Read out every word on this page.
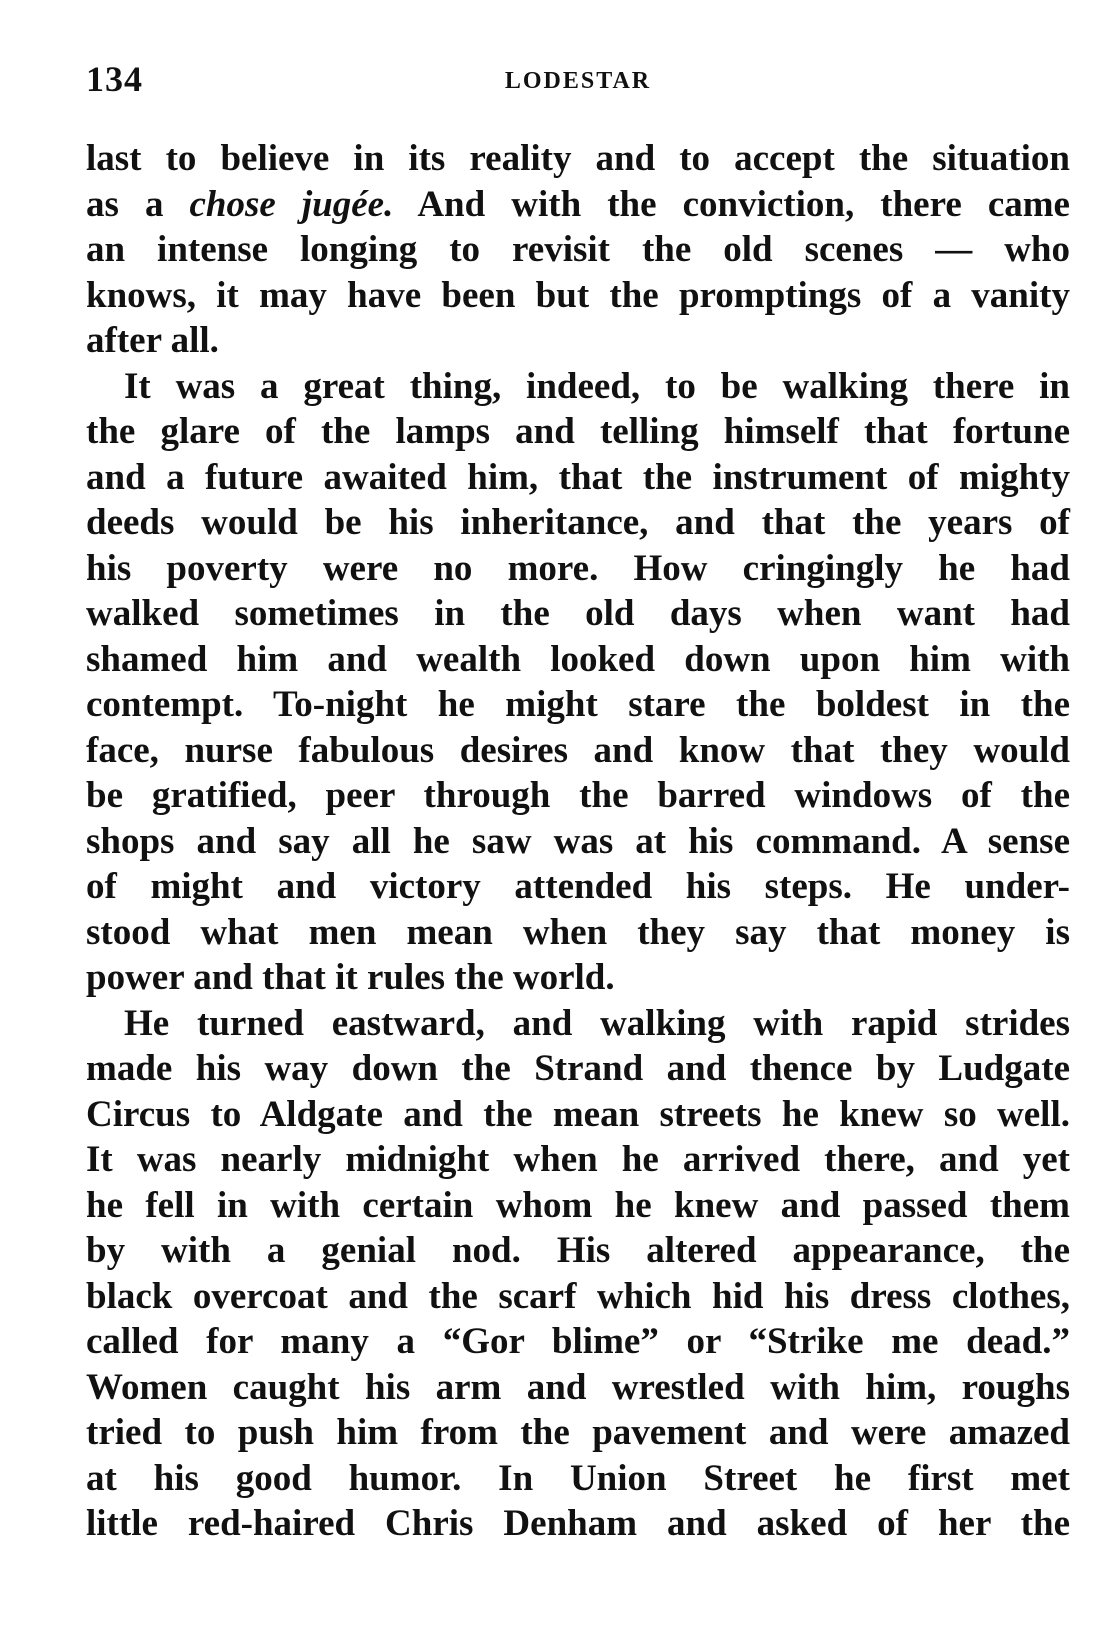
134	LODESTAR
last to believe in its reality and to accept the situation
as a chose jugée. And with the conviction, there came
an intense longing to revisit the old scenes — who
knows, it may have been but the promptings of a vanity
after all.
It was a great thing, indeed, to be walking there in
the glare of the lamps and telling himself that fortune
and a future awaited him, that the instrument of mighty
deeds would be his inheritance, and that the years of
his poverty were no more. How cringingly he had
walked sometimes in the old days when want had
shamed him and wealth looked down upon him with
contempt. To-night he might stare the boldest in the
face, nurse fabulous desires and know that they would
be gratified, peer through the barred windows of the
shops and say all he saw was at his command. A sense
of might and victory attended his steps. He under-
stood what men mean when they say that money is
power and that it rules the world.
He turned eastward, and walking with rapid strides
made his way down the Strand and thence by Ludgate
Circus to Aldgate and the mean streets he knew so well.
It was nearly midnight when he arrived there, and yet
he fell in with certain whom he knew and passed them
by with a genial nod. His altered appearance, the
black overcoat and the scarf which hid his dress clothes,
called for many a “Gor blime” or “Strike me dead.”
Women caught his arm and wrestled with him, roughs
tried to push him from the pavement and were amazed
at his good humor. In Union Street he first met
little red-haired Chris Denham and asked of her the
